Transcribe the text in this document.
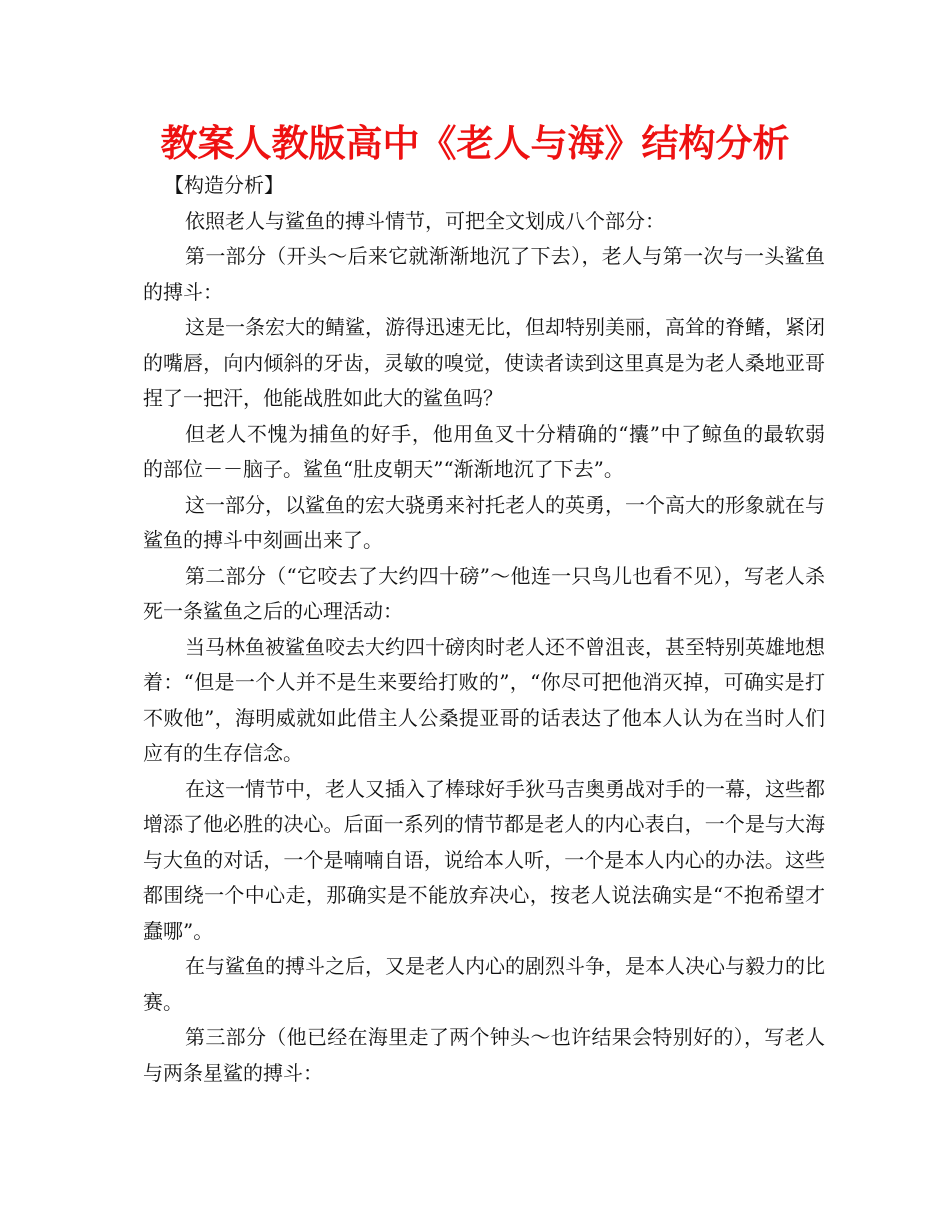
教案人教版高中《老人与海》结构分析

【构造分析】

依照老人与鲨鱼的搏斗情节，可把全文划成八个部分：

第一部分（开头～后来它就渐渐地沉了下去），老人与第一次与一头鲨鱼的搏斗：

这是一条宏大的鲭鲨，游得迅速无比，但却特别美丽，高耸的脊鳍，紧闭的嘴唇，向内倾斜的牙齿，灵敏的嗅觉，使读者读到这里真是为老人桑地亚哥捏了一把汗，他能战胜如此大的鲨鱼吗？

但老人不愧为捕鱼的好手，他用鱼叉十分精确的“攮”中了鲸鱼的最软弱的部位－－脑子。鲨鱼“肚皮朝天”“渐渐地沉了下去”。

这一部分，以鲨鱼的宏大骁勇来衬托老人的英勇，一个高大的形象就在与鲨鱼的搏斗中刻画出来了。

第二部分（“它咬去了大约四十磅”～他连一只鸟儿也看不见），写老人杀死一条鲨鱼之后的心理活动：

当马林鱼被鲨鱼咬去大约四十磅肉时老人还不曾沮丧，甚至特别英雄地想着：“但是一个人并不是生来要给打败的”，“你尽可把他消灭掉，可确实是打不败他”，海明威就如此借主人公桑提亚哥的话表达了他本人认为在当时人们应有的生存信念。

在这一情节中，老人又插入了棒球好手狄马吉奥勇战对手的一幕，这些都增添了他必胜的决心。后面一系列的情节都是老人的内心表白，一个是与大海与大鱼的对话，一个是喃喃自语，说给本人听，一个是本人内心的办法。这些都围绕一个中心走，那确实是不能放弃决心，按老人说法确实是“不抱希望才蠢哪”。

在与鲨鱼的搏斗之后，又是老人内心的剧烈斗争，是本人决心与毅力的比赛。

第三部分（他已经在海里走了两个钟头～也许结果会特别好的），写老人与两条星鲨的搏斗：
